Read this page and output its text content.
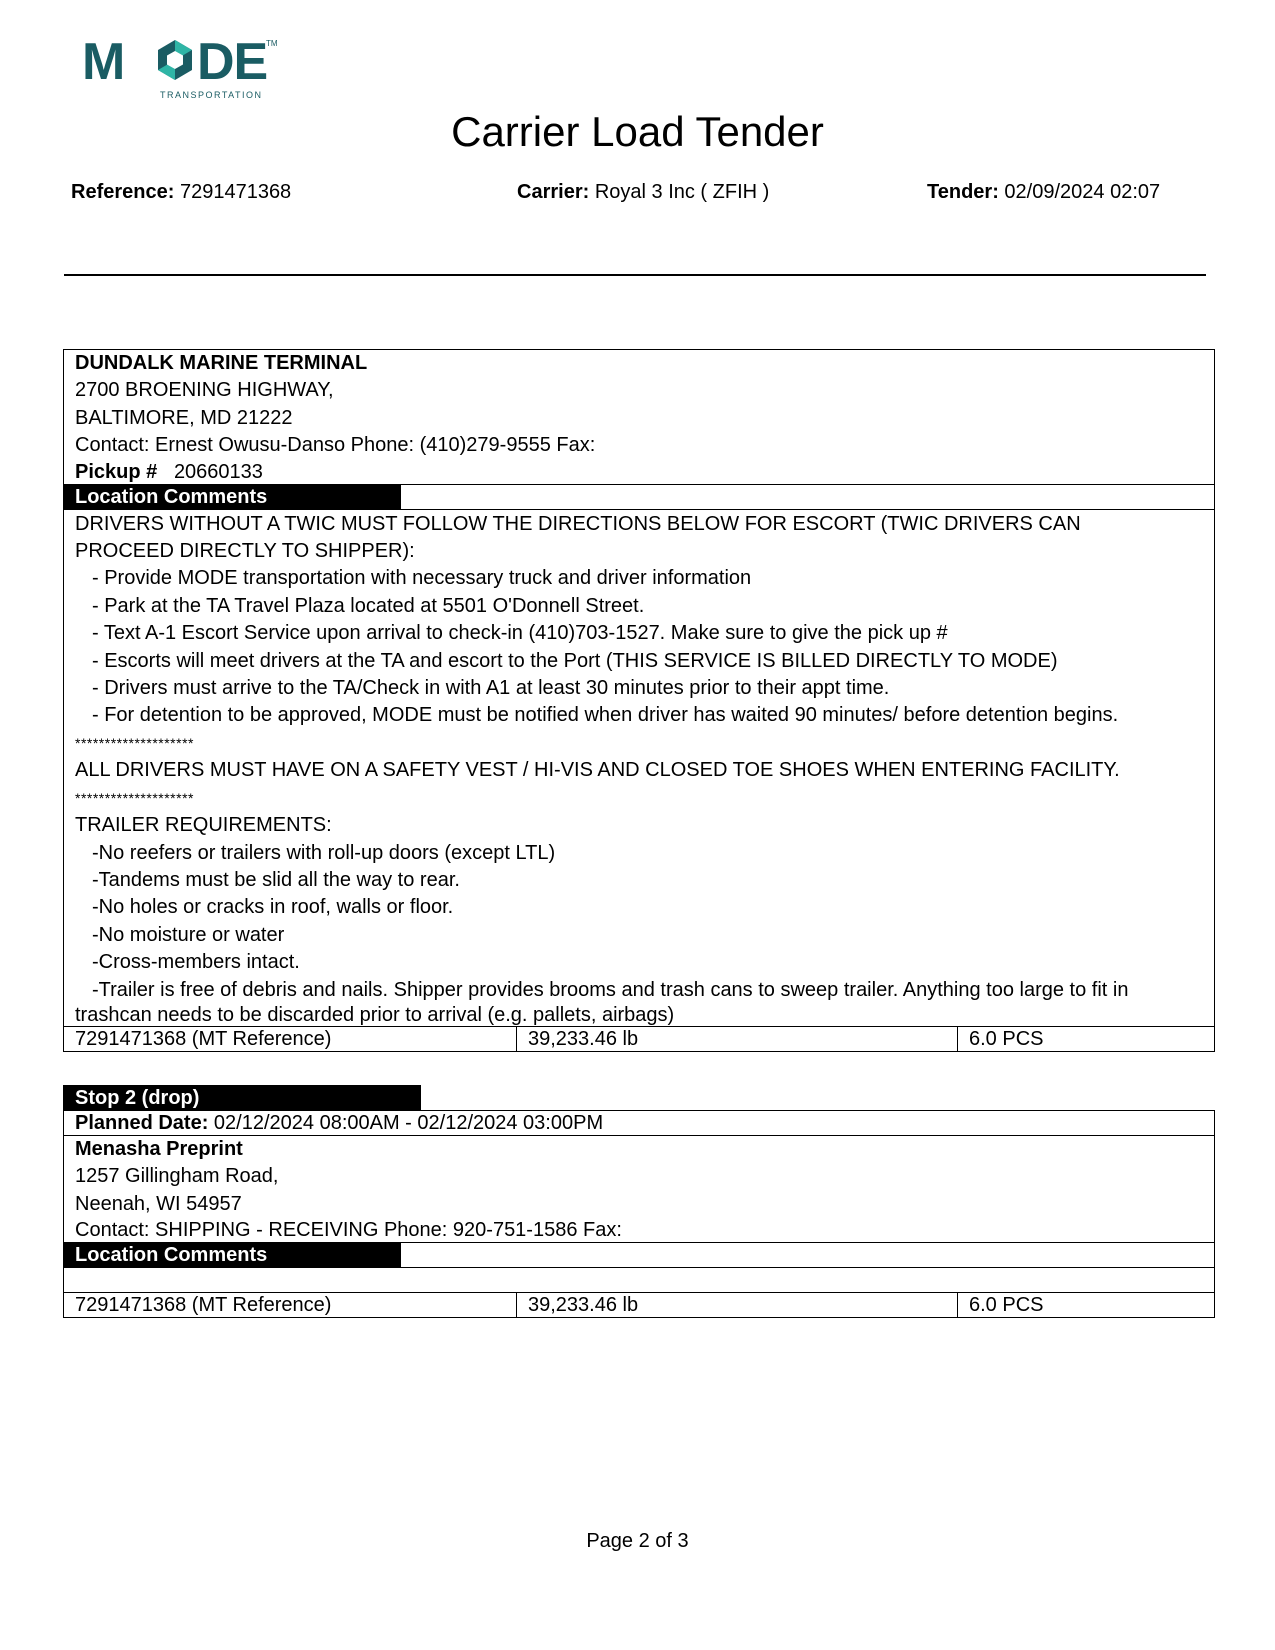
M DE
TM
TRANSPORTATION
Carrier Load Tender
Reference: 7291471368	Carrier: Royal 3 Inc ( ZFIH )	Tender: 02/09/2024 02:07
DUNDALK MARINE TERMINAL
2700 BROENING HIGHWAY,
BALTIMORE, MD 21222
Contact: Ernest Owusu-Danso Phone: (410)279-9555 Fax:
Pickup # 20660133
Location Comments
DRIVERS WITHOUT A TWIC MUST FOLLOW THE DIRECTIONS BELOW FOR ESCORT (TWIC DRIVERS CAN
PROCEED DIRECTLY TO SHIPPER):
- Provide MODE transportation with necessary truck and driver information
- Park at the TA Travel Plaza located at 5501 O'Donnell Street.
- Text A-1 Escort Service upon arrival to check-in (410)703-1527. Make sure to give the pick up #
- Escorts will meet drivers at the TA and escort to the Port (THIS SERVICE IS BILLED DIRECTLY TO MODE)
- Drivers must arrive to the TA/Check in with A1 at least 30 minutes prior to their appt time.
- For detention to be approved, MODE must be notified when driver has waited 90 minutes/ before detention begins.
********************
ALL DRIVERS MUST HAVE ON A SAFETY VEST / HI-VIS AND CLOSED TOE SHOES WHEN ENTERING FACILITY.
********************
TRAILER REQUIREMENTS:
-No reefers or trailers with roll-up doors (except LTL)
-Tandems must be slid all the way to rear.
-No holes or cracks in roof, walls or floor.
-No moisture or water
-Cross-members intact.
-Trailer is free of debris and nails. Shipper provides brooms and trash cans to sweep trailer. Anything too large to fit in
trashcan needs to be discarded prior to arrival (e.g. pallets, airbags)
7291471368 (MT Reference)	39,233.46 lb	6.0 PCS
Stop 2 (drop)
Planned Date: 02/12/2024 08:00AM - 02/12/2024 03:00PM
Menasha Preprint
1257 Gillingham Road,
Neenah, WI 54957
Contact: SHIPPING - RECEIVING Phone: 920-751-1586 Fax:
Location Comments
7291471368 (MT Reference)	39,233.46 lb	6.0 PCS
Page 2 of 3
